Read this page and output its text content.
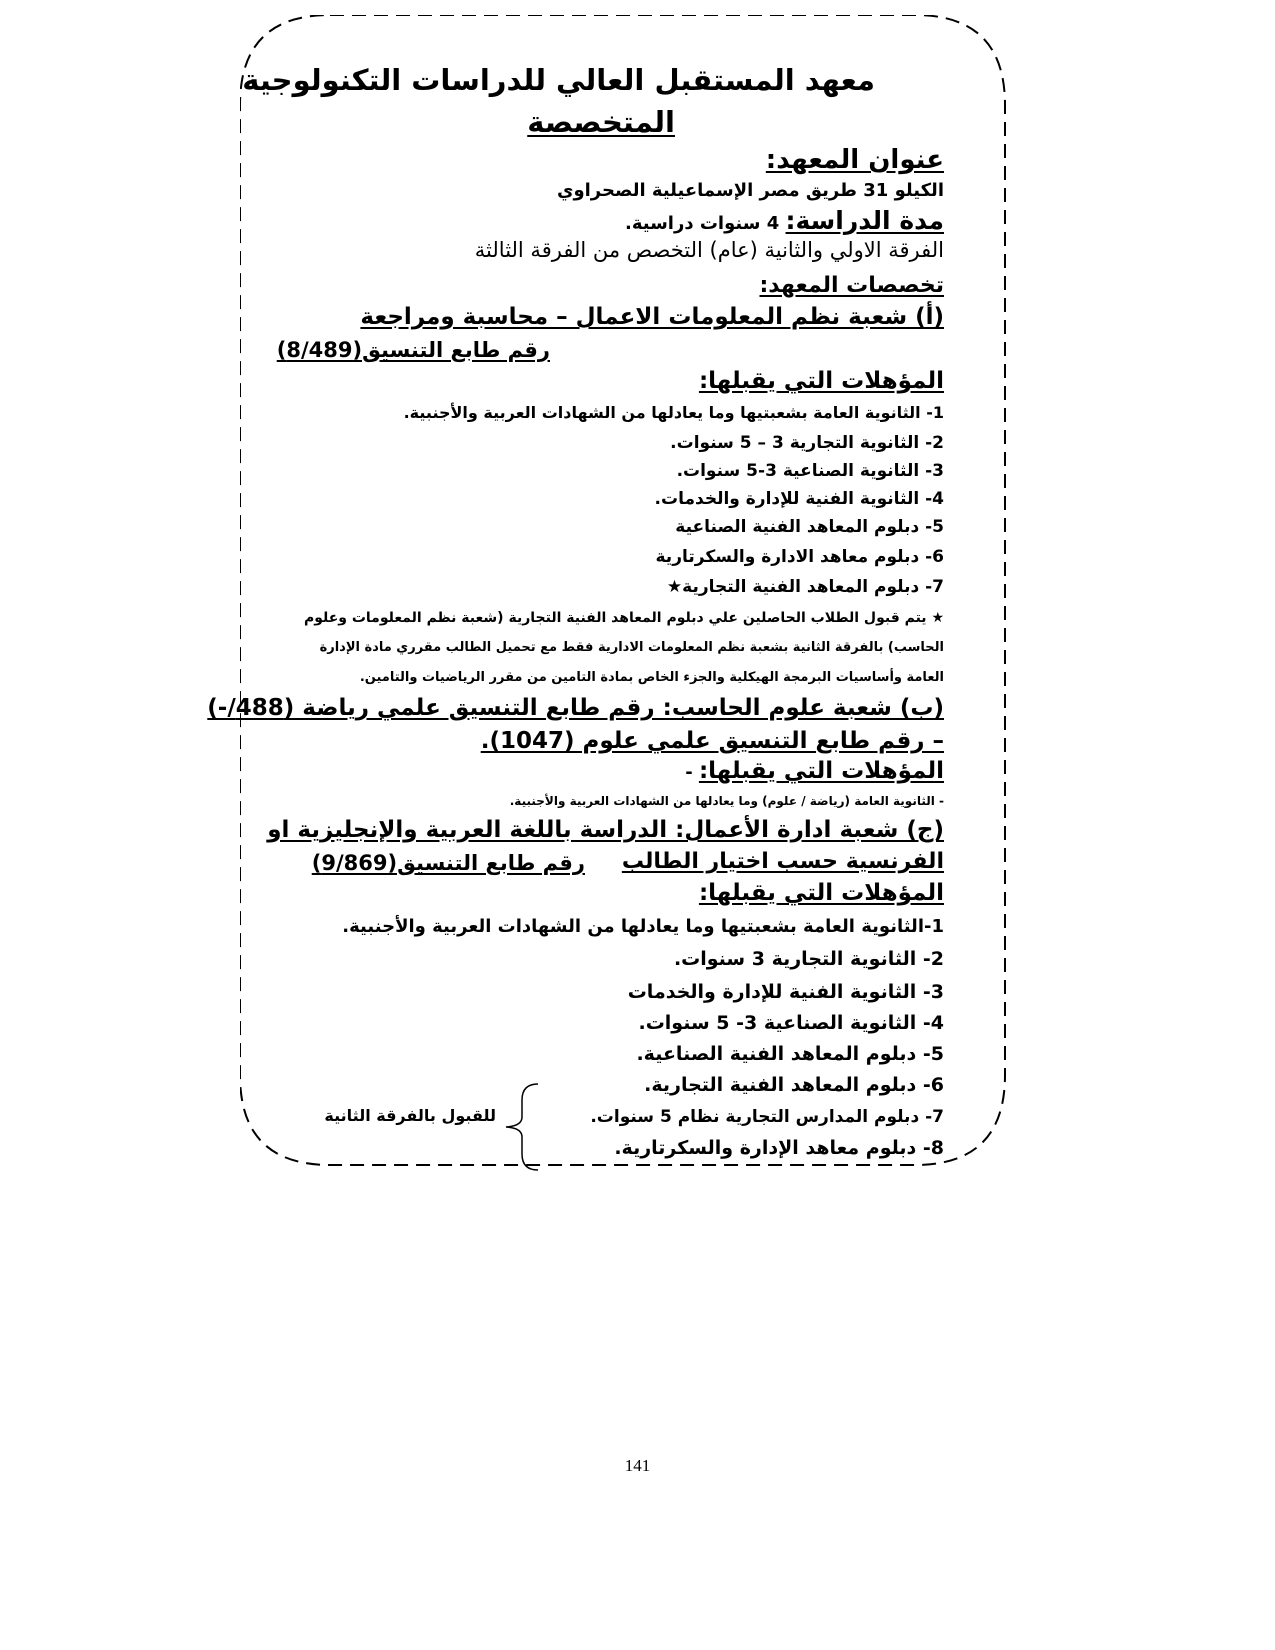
معهد المستقبل العالي للدراسات التكنولوجية
المتخصصة
عنوان المعهد:
الكيلو 31 طريق مصر الإسماعيلية الصحراوي
مدة الدراسة: 4 سنوات دراسية.
الفرقة الاولي والثانية (عام) التخصص من الفرقة الثالثة
تخصصات المعهد:
(أ) شعبة نظم المعلومات الاعمال – محاسبة ومراجعة
رقم طابع التنسيق(8/489)
المؤهلات التي يقبلها:
1- الثانوية العامة بشعبتيها وما يعادلها من الشهادات العربية والأجنبية.
2- الثانوية التجارية 3 – 5 سنوات.
3- الثانوية الصناعية 3-5 سنوات.
4- الثانوية الفنية للإدارة والخدمات.
5- دبلوم المعاهد الفنية الصناعية
6- دبلوم معاهد الادارة والسكرتارية
7- دبلوم المعاهد الفنية التجارية★
★ يتم قبول الطلاب الحاصلين علي دبلوم المعاهد الفنية التجارية (شعبة نظم المعلومات وعلوم
الحاسب) بالفرقة الثانية بشعبة نظم المعلومات الادارية فقط مع تحميل الطالب مقرري مادة الإدارة
العامة وأساسيات البرمجة الهيكلية والجزء الخاص بمادة التامين من مقرر الرياضيات والتامين.
(ب) شعبة علوم الحاسب: رقم طابع التنسيق علمي رياضة (488/-)
– رقم طابع التنسيق علمي علوم (1047).
المؤهلات التي يقبلها: -
- الثانوية العامة (رياضة / علوم) وما يعادلها من الشهادات العربية والأجنبية.
(ج) شعبة ادارة الأعمال: الدراسة باللغة العربية والإنجليزية او
الفرنسية حسب اختيار الطالب
رقم طابع التنسيق(9/869)
المؤهلات التي يقبلها:
1-الثانوية العامة بشعبتيها وما يعادلها من الشهادات العربية والأجنبية.
2- الثانوية التجارية 3 سنوات.
3- الثانوية الفنية للإدارة والخدمات
4- الثانوية الصناعية 3- 5 سنوات.
5- دبلوم المعاهد الفنية الصناعية.
6- دبلوم المعاهد الفنية التجارية.
7- دبلوم المدارس التجارية نظام 5 سنوات.
8- دبلوم معاهد الإدارة والسكرتارية.
للقبول بالفرقة الثانية
141
